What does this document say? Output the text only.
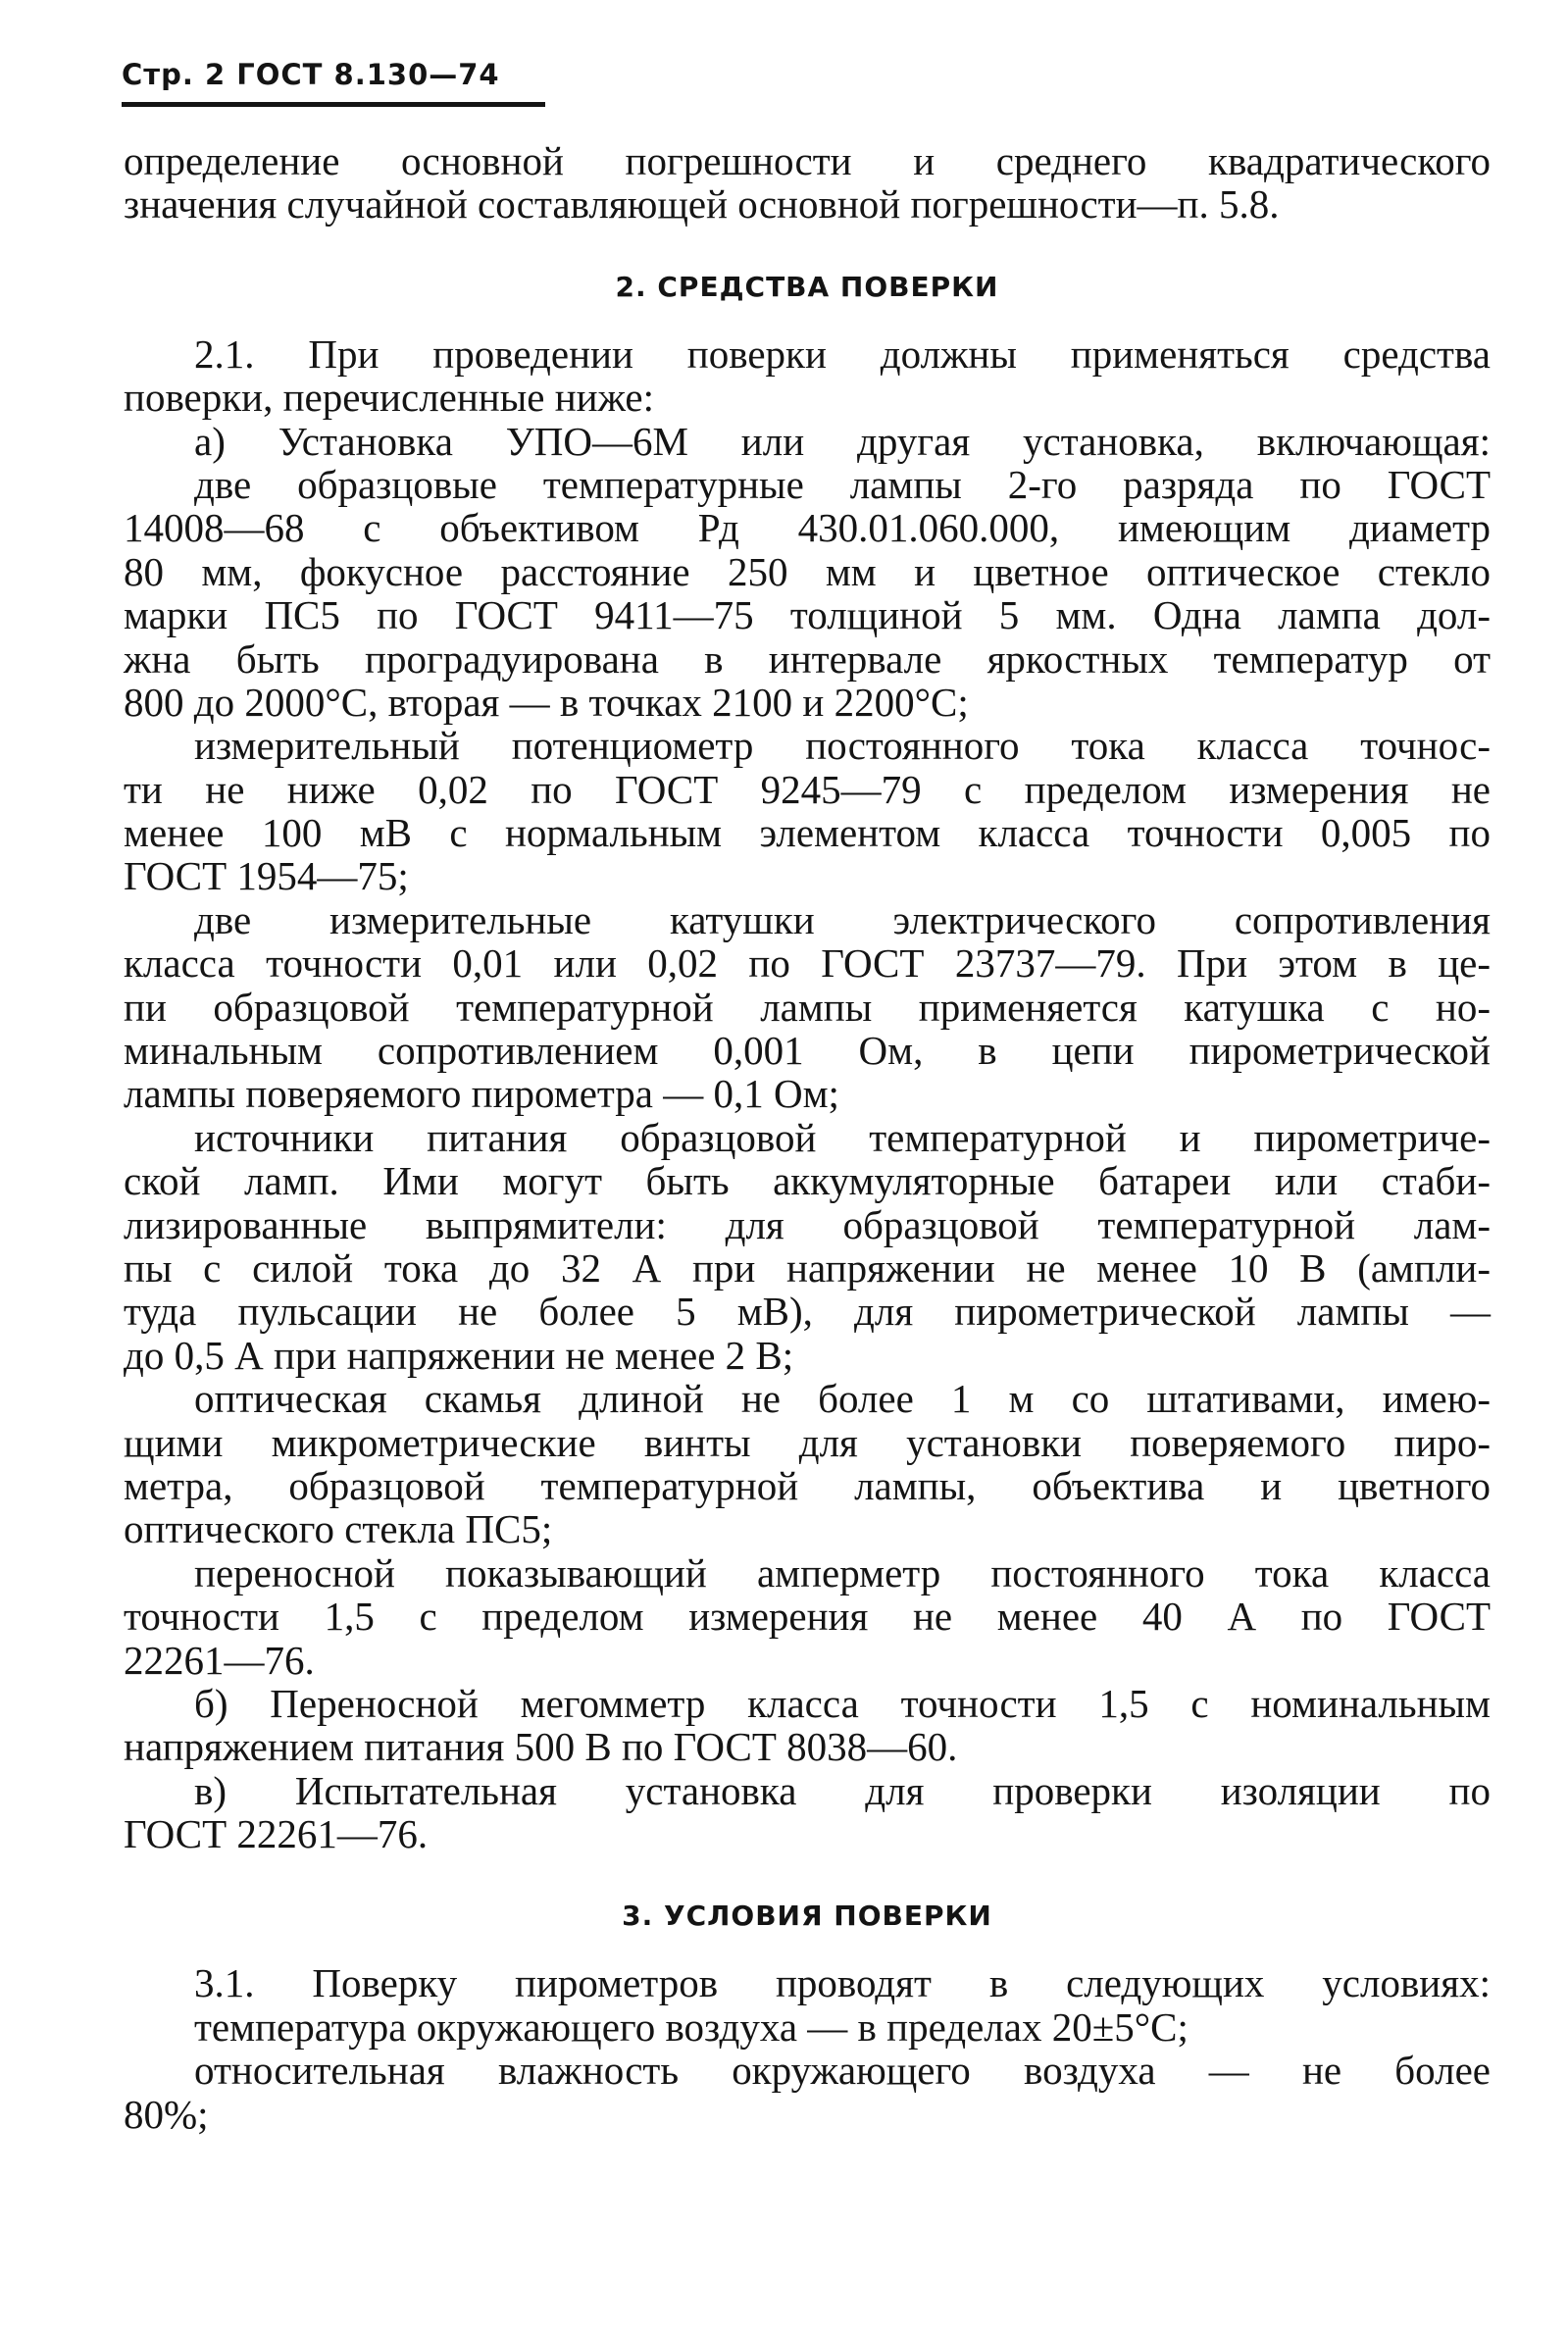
Стр. 2 ГОСТ 8.130—74
определение основной погрешности и среднего квадратического
значения случайной составляющей основной погрешности—п. 5.8.
2. СРЕДСТВА ПОВЕРКИ
2.1. При проведении поверки должны применяться средства
поверки, перечисленные ниже:
а) Установка УПО—6М или другая установка, включающая:
две образцовые температурные лампы 2-го разряда по ГОСТ
14008—68 с объективом Рд 430.01.060.000, имеющим диаметр
80 мм, фокусное расстояние 250 мм и цветное оптическое стекло
марки ПС5 по ГОСТ 9411—75 толщиной 5 мм. Одна лампа дол-
жна быть проградуирована в интервале яркостных температур от
800 до 2000°С, вторая — в точках 2100 и 2200°С;
измерительный потенциометр постоянного тока класса точнос-
ти не ниже 0,02 по ГОСТ 9245—79 с пределом измерения не
менее 100 мВ с нормальным элементом класса точности 0,005 по
ГОСТ 1954—75;
две измерительные катушки электрического сопротивления
класса точности 0,01 или 0,02 по ГОСТ 23737—79. При этом в це-
пи образцовой температурной лампы применяется катушка с но-
минальным сопротивлением 0,001 Ом, в цепи пирометрической
лампы поверяемого пирометра — 0,1 Ом;
источники питания образцовой температурной и пирометриче-
ской ламп. Ими могут быть аккумуляторные батареи или стаби-
лизированные выпрямители: для образцовой температурной лам-
пы с силой тока до 32 А при напряжении не менее 10 В (ампли-
туда пульсации не более 5 мВ), для пирометрической лампы —
до 0,5 А при напряжении не менее 2 В;
оптическая скамья длиной не более 1 м со штативами, имею-
щими микрометрические винты для установки поверяемого пиро-
метра, образцовой температурной лампы, объектива и цветного
оптического стекла ПС5;
переносной показывающий амперметр постоянного тока класса
точности 1,5 с пределом измерения не менее 40 А по ГОСТ
22261—76.
б) Переносной мегомметр класса точности 1,5 с номинальным
напряжением питания 500 В по ГОСТ 8038—60.
в) Испытательная установка для проверки изоляции по
ГОСТ 22261—76.
3. УСЛОВИЯ ПОВЕРКИ
3.1. Поверку пирометров проводят в следующих условиях:
температура окружающего воздуха — в пределах 20±5°С;
относительная влажность окружающего воздуха — не более
80%;
